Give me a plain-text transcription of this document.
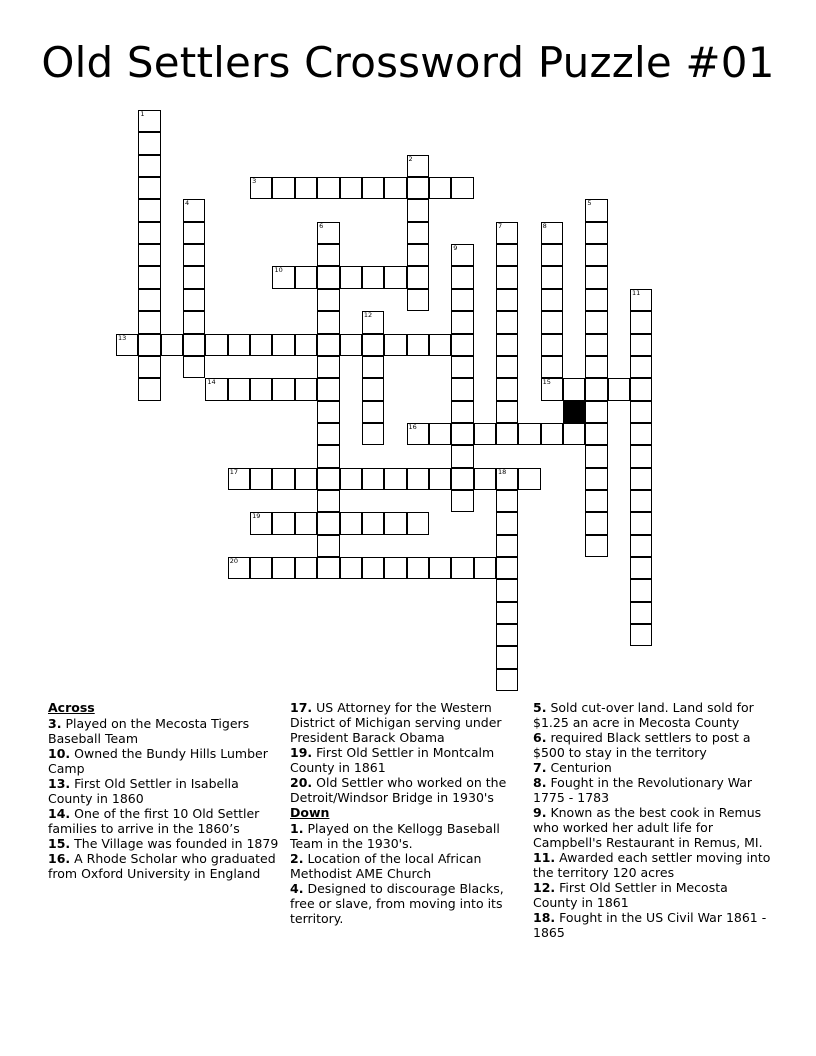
Old Settlers Crossword Puzzle #01
1
2
3
4	5
6	7	8
15
9
10
11
12
13
14
16
17	18
19
20
Across
3. Played on the Mecosta Tigers Baseball Team
10. Owned the Bundy Hills Lumber Camp
13. First Old Settler in Isabella County in 1860
14. One of the first 10 Old Settler families to arrive in the 1860’s
15. The Village was founded in 1879
16. A Rhode Scholar who graduated from Oxford University in England
17. US Attorney for the Western District of Michigan serving under President Barack Obama
19. First Old Settler in Montcalm County in 1861
20. Old Settler who worked on the Detroit/Windsor Bridge in 1930's
Down
1. Played on the Kellogg Baseball Team in the 1930's.
2. Location of the local African Methodist AME Church
4. Designed to discourage Blacks, free or slave, from moving into its territory.
5. Sold cut-over land. Land sold for $1.25 an acre in Mecosta County
6. required Black settlers to post a $500 to stay in the territory
7. Centurion
8. Fought in the Revolutionary War 1775 - 1783
9. Known as the best cook in Remus who worked her adult life for Campbell's Restaurant in Remus, MI.
11. Awarded each settler moving into the territory 120 acres
12. First Old Settler in Mecosta County in 1861
18. Fought in the US Civil War 1861 - 1865
